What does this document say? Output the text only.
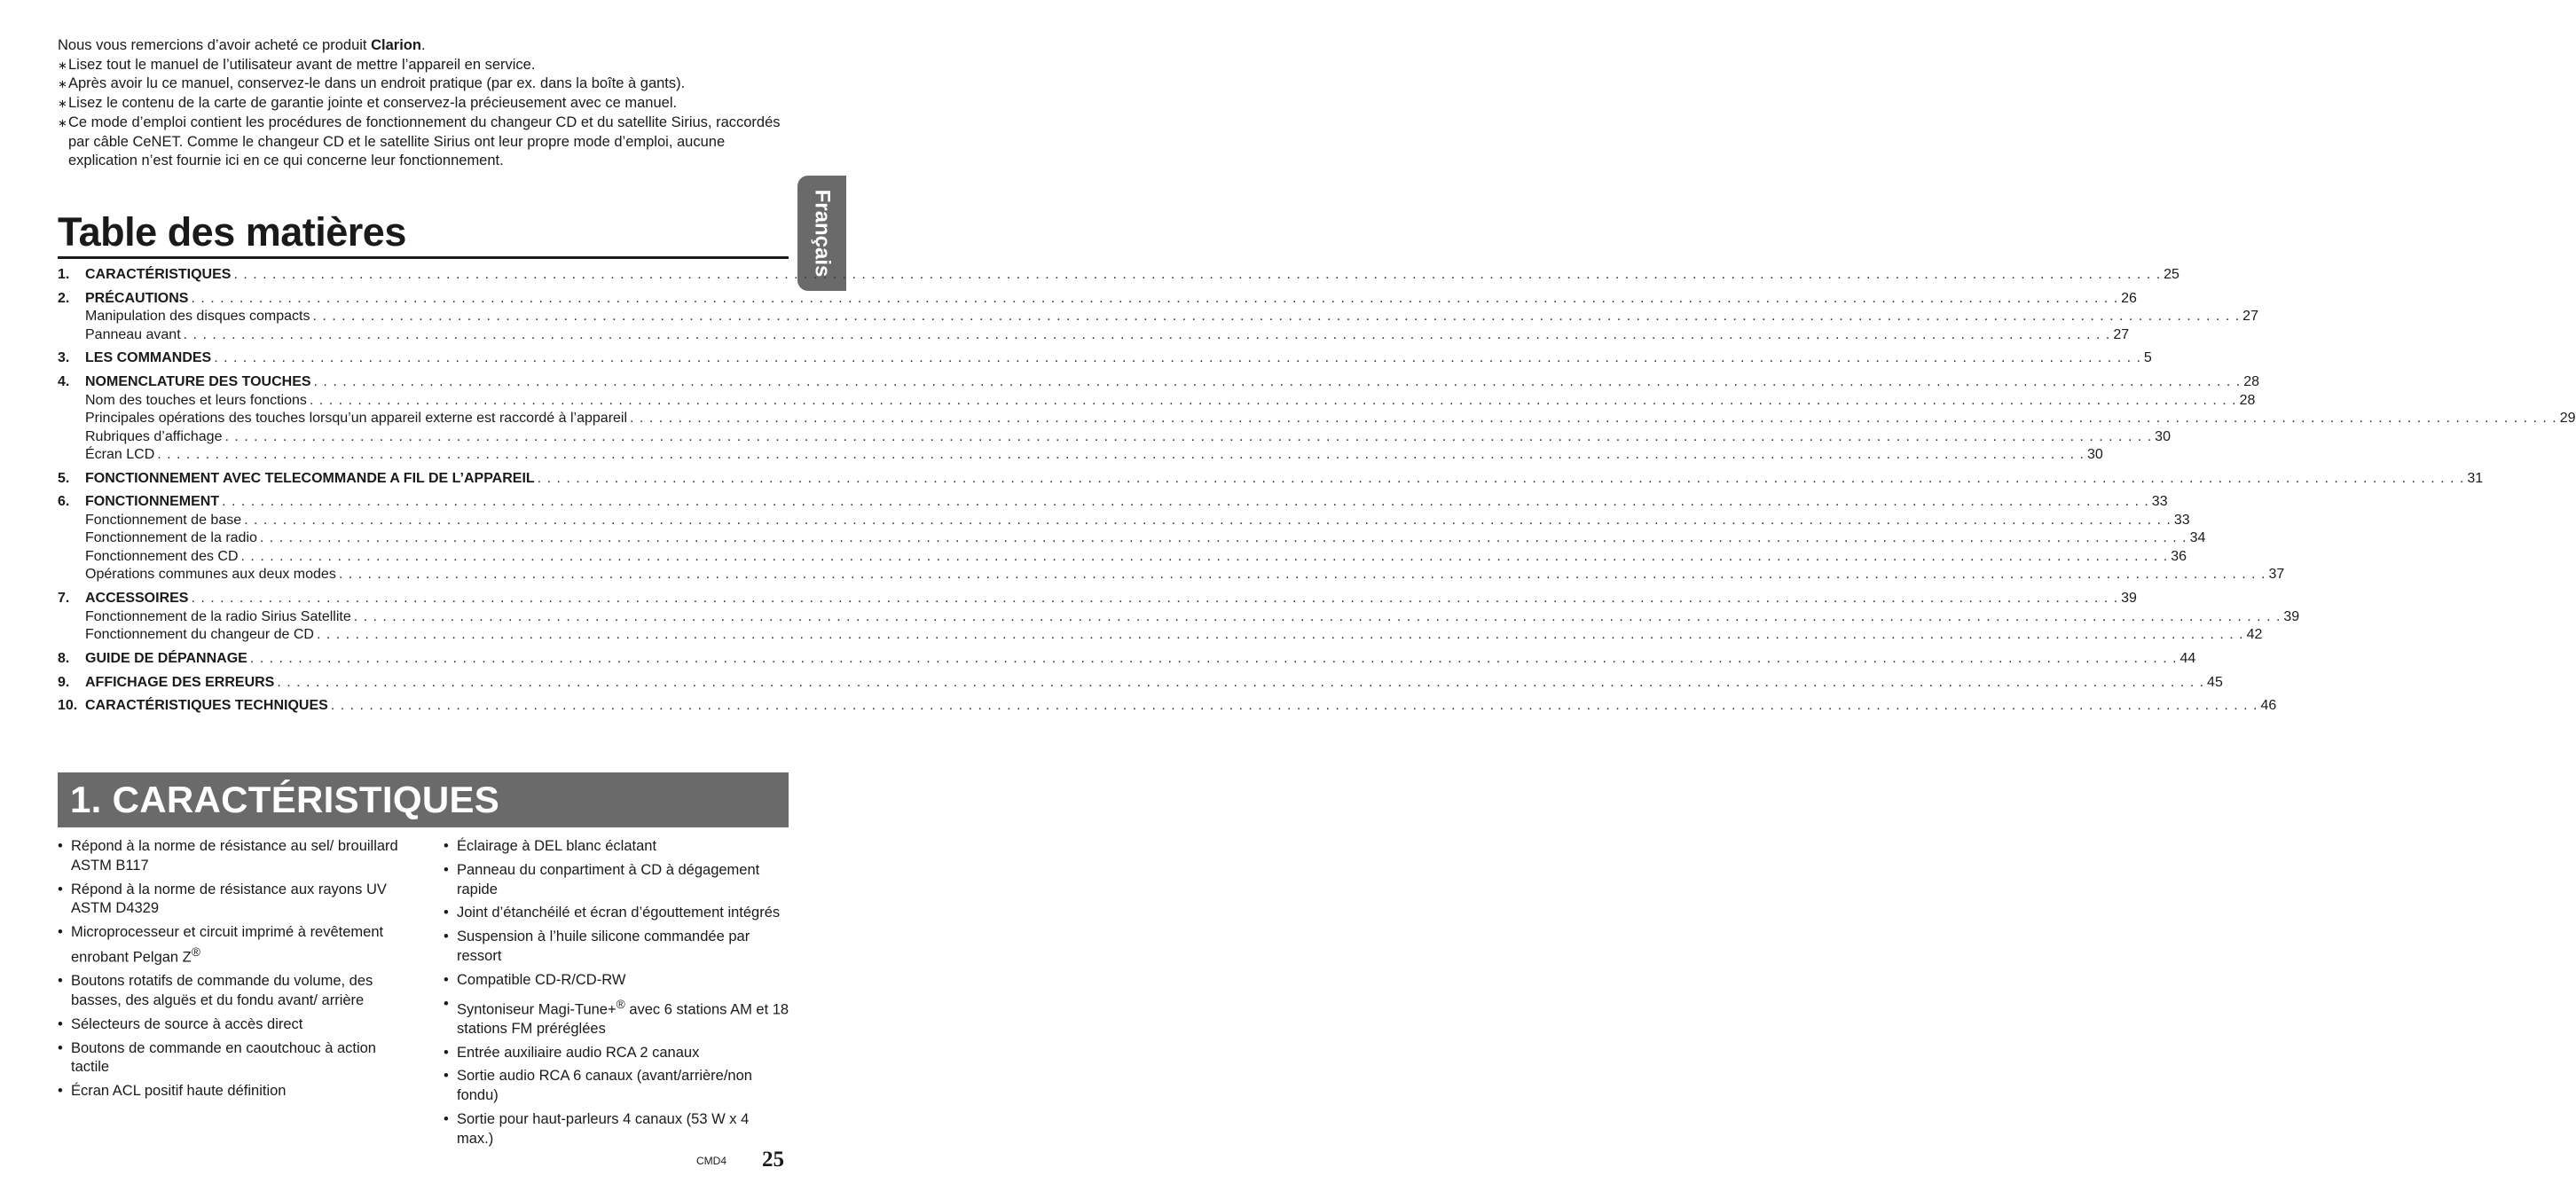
Nous vous remercions d’avoir acheté ce produit Clarion.

∗ Lisez tout le manuel de l’utilisateur avant de mettre l’appareil en service.

∗ Après avoir lu ce manuel, conservez-le dans un endroit pratique (par ex. dans la boîte à gants).

∗ Lisez le contenu de la carte de garantie jointe et conservez-la précieusement avec ce manuel.

∗ Ce mode d’emploi contient les procédures de fonctionnement du changeur CD et du satellite Sirius, raccordés par câble CeNET. Comme le changeur CD et le satellite Sirius ont leur propre mode d’emploi, aucune explication n’est fournie ici en ce qui concerne leur fonctionnement.

Français
Table des matières
1.	CARACTÉRISTIQUES . . . . . . . . . . . . . . . . . . . . . . . . . . . . . . . . . . . . . . . . . . . . . . . . . . . . . . . . . . . . . . . . . . . . . . . . . . . . . . . . . . . . . . . . . . . . . . . . . . . . . . . . . . . . . . . . . . . . . . . . . . . . . . . . . . . . . . . . . . . . . . . . . . . . . . . . . . . . . . . . . . . . . . . . . . . . . . . . . . . . . . . . . . . . . . . . . . . . . . . . 25
2.	PRÉCAUTIONS . . . . . . . . . . . . . . . . . . . . . . . . . . . . . . . . . . . . . . . . . . . . . . . . . . . . . . . . . . . . . . . . . . . . . . . . . . . . . . . . . . . . . . . . . . . . . . . . . . . . . . . . . . . . . . . . . . . . . . . . . . . . . . . . . . . . . . . . . . . . . . . . . . . . . . . . . . . . . . . . . . . . . . . . . . . . . . . . . . . . . . . . . . . . . . . . . . . . . . . . 26
Manipulation des disques compacts . . . . . . . . . . . . . . . . . . . . . . . . . . . . . . . . . . . . . . . . . . . . . . . . . . . . . . . . . . . . . . . . . . . . . . . . . . . . . . . . . . . . . . . . . . . . . . . . . . . . . . . . . . . . . . . . . . . . . . . . . . . . . . . . . . . . . . . . . . . . . . . . . . . . . . . . . . . . . . . . . . . . . . . . . . . . . . . . . . . . . . . . . . . . . . . . . . . . . . . . 27
Panneau avant . . . . . . . . . . . . . . . . . . . . . . . . . . . . . . . . . . . . . . . . . . . . . . . . . . . . . . . . . . . . . . . . . . . . . . . . . . . . . . . . . . . . . . . . . . . . . . . . . . . . . . . . . . . . . . . . . . . . . . . . . . . . . . . . . . . . . . . . . . . . . . . . . . . . . . . . . . . . . . . . . . . . . . . . . . . . . . . . . . . . . . . . . . . . . . . . . . . . . . . . 27
3.	LES COMMANDES . . . . . . . . . . . . . . . . . . . . . . . . . . . . . . . . . . . . . . . . . . . . . . . . . . . . . . . . . . . . . . . . . . . . . . . . . . . . . . . . . . . . . . . . . . . . . . . . . . . . . . . . . . . . . . . . . . . . . . . . . . . . . . . . . . . . . . . . . . . . . . . . . . . . . . . . . . . . . . . . . . . . . . . . . . . . . . . . . . . . . . . . . . . . . . . . . . . . . . . . 5
4.	NOMENCLATURE DES TOUCHES . . . . . . . . . . . . . . . . . . . . . . . . . . . . . . . . . . . . . . . . . . . . . . . . . . . . . . . . . . . . . . . . . . . . . . . . . . . . . . . . . . . . . . . . . . . . . . . . . . . . . . . . . . . . . . . . . . . . . . . . . . . . . . . . . . . . . . . . . . . . . . . . . . . . . . . . . . . . . . . . . . . . . . . . . . . . . . . . . . . . . . . . . . . . . . . . . . . . . . . . 28
Nom des touches et leurs fonctions . . . . . . . . . . . . . . . . . . . . . . . . . . . . . . . . . . . . . . . . . . . . . . . . . . . . . . . . . . . . . . . . . . . . . . . . . . . . . . . . . . . . . . . . . . . . . . . . . . . . . . . . . . . . . . . . . . . . . . . . . . . . . . . . . . . . . . . . . . . . . . . . . . . . . . . . . . . . . . . . . . . . . . . . . . . . . . . . . . . . . . . . . . . . . . . . . . . . . . . . 28
Principales opérations des touches lorsqu’un appareil externe est raccordé à l’appareil . . . . . . . . . . . . . . . . . . . . . . . . . . . . . . . . . . . . . . . . . . . . . . . . . . . . . . . . . . . . . . . . . . . . . . . . . . . . . . . . . . . . . . . . . . . . . . . . . . . . . . . . . . . . . . . . . . . . . . . . . . . . . . . . . . . . . . . . . . . . . . . . . . . . . . . . . . . . . . . . . . . . . . . . . . . . . . . . . . . . . . . . . . . . . . . . . . . . . . . . 29
Rubriques d’affichage . . . . . . . . . . . . . . . . . . . . . . . . . . . . . . . . . . . . . . . . . . . . . . . . . . . . . . . . . . . . . . . . . . . . . . . . . . . . . . . . . . . . . . . . . . . . . . . . . . . . . . . . . . . . . . . . . . . . . . . . . . . . . . . . . . . . . . . . . . . . . . . . . . . . . . . . . . . . . . . . . . . . . . . . . . . . . . . . . . . . . . . . . . . . . . . . . . . . . . . . 30
Écran LCD . . . . . . . . . . . . . . . . . . . . . . . . . . . . . . . . . . . . . . . . . . . . . . . . . . . . . . . . . . . . . . . . . . . . . . . . . . . . . . . . . . . . . . . . . . . . . . . . . . . . . . . . . . . . . . . . . . . . . . . . . . . . . . . . . . . . . . . . . . . . . . . . . . . . . . . . . . . . . . . . . . . . . . . . . . . . . . . . . . . . . . . . . . . . . . . . . . . . . . . . 30
5.	FONCTIONNEMENT AVEC TELECOMMANDE A FIL DE L’APPAREIL . . . . . . . . . . . . . . . . . . . . . . . . . . . . . . . . . . . . . . . . . . . . . . . . . . . . . . . . . . . . . . . . . . . . . . . . . . . . . . . . . . . . . . . . . . . . . . . . . . . . . . . . . . . . . . . . . . . . . . . . . . . . . . . . . . . . . . . . . . . . . . . . . . . . . . . . . . . . . . . . . . . . . . . . . . . . . . . . . . . . . . . . . . . . . . . . . . . . . . . . 31
6.	FONCTIONNEMENT . . . . . . . . . . . . . . . . . . . . . . . . . . . . . . . . . . . . . . . . . . . . . . . . . . . . . . . . . . . . . . . . . . . . . . . . . . . . . . . . . . . . . . . . . . . . . . . . . . . . . . . . . . . . . . . . . . . . . . . . . . . . . . . . . . . . . . . . . . . . . . . . . . . . . . . . . . . . . . . . . . . . . . . . . . . . . . . . . . . . . . . . . . . . . . . . . . . . . . . . 33
Fonctionnement de base . . . . . . . . . . . . . . . . . . . . . . . . . . . . . . . . . . . . . . . . . . . . . . . . . . . . . . . . . . . . . . . . . . . . . . . . . . . . . . . . . . . . . . . . . . . . . . . . . . . . . . . . . . . . . . . . . . . . . . . . . . . . . . . . . . . . . . . . . . . . . . . . . . . . . . . . . . . . . . . . . . . . . . . . . . . . . . . . . . . . . . . . . . . . . . . . . . . . . . . . 33
Fonctionnement de la radio . . . . . . . . . . . . . . . . . . . . . . . . . . . . . . . . . . . . . . . . . . . . . . . . . . . . . . . . . . . . . . . . . . . . . . . . . . . . . . . . . . . . . . . . . . . . . . . . . . . . . . . . . . . . . . . . . . . . . . . . . . . . . . . . . . . . . . . . . . . . . . . . . . . . . . . . . . . . . . . . . . . . . . . . . . . . . . . . . . . . . . . . . . . . . . . . . . . . . . . . 34
Fonctionnement des CD . . . . . . . . . . . . . . . . . . . . . . . . . . . . . . . . . . . . . . . . . . . . . . . . . . . . . . . . . . . . . . . . . . . . . . . . . . . . . . . . . . . . . . . . . . . . . . . . . . . . . . . . . . . . . . . . . . . . . . . . . . . . . . . . . . . . . . . . . . . . . . . . . . . . . . . . . . . . . . . . . . . . . . . . . . . . . . . . . . . . . . . . . . . . . . . . . . . . . . . . 36
Opérations communes aux deux modes . . . . . . . . . . . . . . . . . . . . . . . . . . . . . . . . . . . . . . . . . . . . . . . . . . . . . . . . . . . . . . . . . . . . . . . . . . . . . . . . . . . . . . . . . . . . . . . . . . . . . . . . . . . . . . . . . . . . . . . . . . . . . . . . . . . . . . . . . . . . . . . . . . . . . . . . . . . . . . . . . . . . . . . . . . . . . . . . . . . . . . . . . . . . . . . . . . . . . . . . 37
7.	ACCESSOIRES . . . . . . . . . . . . . . . . . . . . . . . . . . . . . . . . . . . . . . . . . . . . . . . . . . . . . . . . . . . . . . . . . . . . . . . . . . . . . . . . . . . . . . . . . . . . . . . . . . . . . . . . . . . . . . . . . . . . . . . . . . . . . . . . . . . . . . . . . . . . . . . . . . . . . . . . . . . . . . . . . . . . . . . . . . . . . . . . . . . . . . . . . . . . . . . . . . . . . . . . 39
Fonctionnement de la radio Sirius Satellite . . . . . . . . . . . . . . . . . . . . . . . . . . . . . . . . . . . . . . . . . . . . . . . . . . . . . . . . . . . . . . . . . . . . . . . . . . . . . . . . . . . . . . . . . . . . . . . . . . . . . . . . . . . . . . . . . . . . . . . . . . . . . . . . . . . . . . . . . . . . . . . . . . . . . . . . . . . . . . . . . . . . . . . . . . . . . . . . . . . . . . . . . . . . . . . . . . . . . . . . 39
Fonctionnement du changeur de CD . . . . . . . . . . . . . . . . . . . . . . . . . . . . . . . . . . . . . . . . . . . . . . . . . . . . . . . . . . . . . . . . . . . . . . . . . . . . . . . . . . . . . . . . . . . . . . . . . . . . . . . . . . . . . . . . . . . . . . . . . . . . . . . . . . . . . . . . . . . . . . . . . . . . . . . . . . . . . . . . . . . . . . . . . . . . . . . . . . . . . . . . . . . . . . . . . . . . . . . . 42
8.	GUIDE DE DÉPANNAGE . . . . . . . . . . . . . . . . . . . . . . . . . . . . . . . . . . . . . . . . . . . . . . . . . . . . . . . . . . . . . . . . . . . . . . . . . . . . . . . . . . . . . . . . . . . . . . . . . . . . . . . . . . . . . . . . . . . . . . . . . . . . . . . . . . . . . . . . . . . . . . . . . . . . . . . . . . . . . . . . . . . . . . . . . . . . . . . . . . . . . . . . . . . . . . . . . . . . . . . . 44
9.	AFFICHAGE DES ERREURS . . . . . . . . . . . . . . . . . . . . . . . . . . . . . . . . . . . . . . . . . . . . . . . . . . . . . . . . . . . . . . . . . . . . . . . . . . . . . . . . . . . . . . . . . . . . . . . . . . . . . . . . . . . . . . . . . . . . . . . . . . . . . . . . . . . . . . . . . . . . . . . . . . . . . . . . . . . . . . . . . . . . . . . . . . . . . . . . . . . . . . . . . . . . . . . . . . . . . . . . 45
10. CARACTÉRISTIQUES TECHNIQUES . . . . . . . . . . . . . . . . . . . . . . . . . . . . . . . . . . . . . . . . . . . . . . . . . . . . . . . . . . . . . . . . . . . . . . . . . . . . . . . . . . . . . . . . . . . . . . . . . . . . . . . . . . . . . . . . . . . . . . . . . . . . . . . . . . . . . . . . . . . . . . . . . . . . . . . . . . . . . . . . . . . . . . . . . . . . . . . . . . . . . . . . . . . . . . . . . . . . . . . . 46
1. CARACTÉRISTIQUES
• Répond à la norme de résistance au sel/ brouillard ASTM B117
• Répond à la norme de résistance aux rayons UV ASTM D4329
• Microprocesseur et circuit imprimé à revêtement enrobant Pelgan Z®
• Boutons rotatifs de commande du volume, des basses, des alguës et du fondu avant/ arrière
• Sélecteurs de source à accès direct
• Boutons de commande en caoutchouc à action tactile
• Écran ACL positif haute définition
• Éclairage à DEL blanc éclatant
• Panneau du conpartiment à CD à dégagement rapide
• Joint d’étanchéilé et écran d’égouttement intégrés
• Suspension à l’huile silicone commandée par ressort
• Compatible CD-R/CD-RW
• Syntoniseur Magi-Tune+® avec 6 stations AM et 18 stations FM préréglées
• Entrée auxiliaire audio RCA 2 canaux
• Sortie audio RCA 6 canaux (avant/arrière/non fondu)
• Sortie pour haut-parleurs 4 canaux (53 W x 4 max.)
CMD4 25
